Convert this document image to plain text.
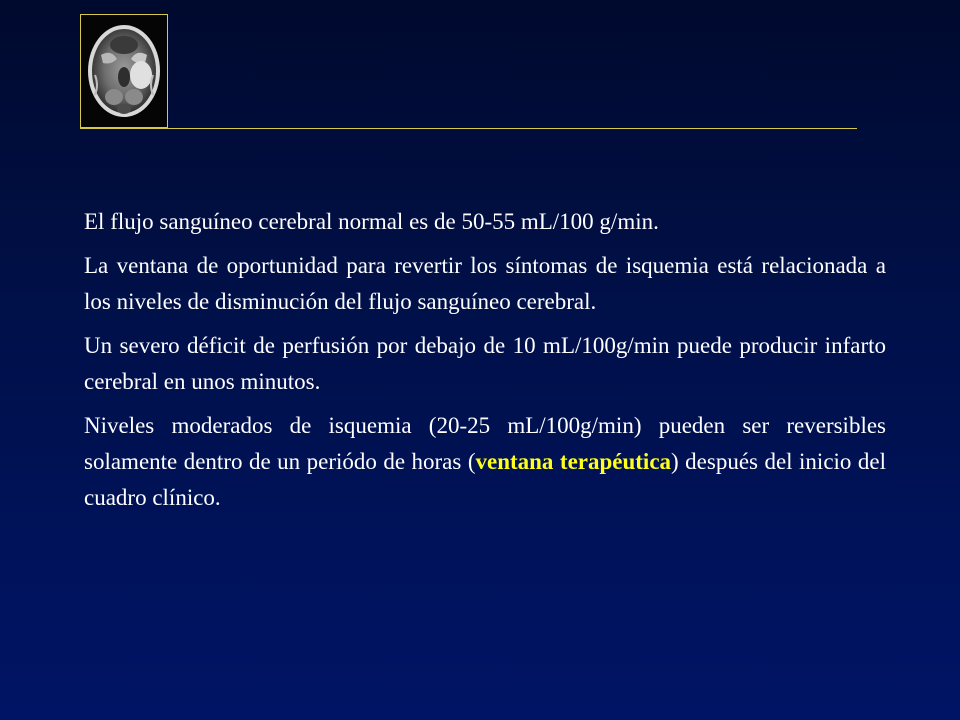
El flujo sanguíneo cerebral normal es de 50-55 mL/100 g/min.

La ventana de oportunidad para revertir los síntomas de isquemia está relacionada a los niveles de disminución del flujo sanguíneo cerebral.

Un severo déficit de perfusión por debajo de 10 mL/100g/min puede producir infarto cerebral en unos minutos.

Niveles moderados de isquemia (20-25 mL/100g/min) pueden ser reversibles solamente dentro de un periódo de horas (ventana terapéutica) después del inicio del cuadro clínico.
